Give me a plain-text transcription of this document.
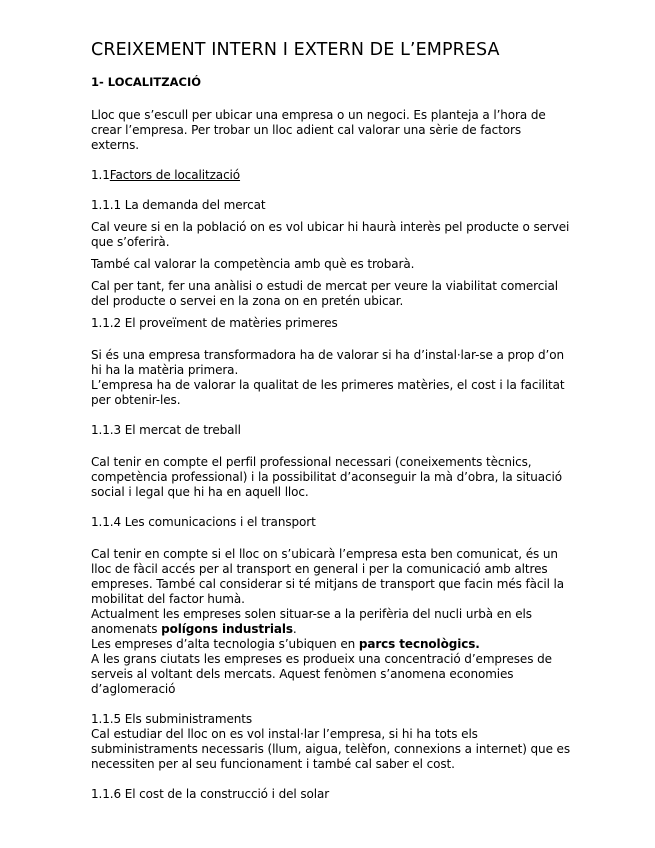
CREIXEMENT INTERN I EXTERN DE L’EMPRESA
1- LOCALITZACIÓ

Lloc que s’escull per ubicar una empresa o un negoci. Es planteja a l’hora de crear l’empresa. Per trobar un lloc adient cal valorar una sèrie de factors externs.

1.1Factors de localització

1.1.1 La demanda del mercat

Cal veure si en la població on es vol ubicar hi haurà interès pel producte o servei que s’oferirà.

També cal valorar la competència amb què es trobarà.

Cal per tant, fer una anàlisi o estudi de mercat per veure la viabilitat comercial del producte o servei en la zona on en pretén ubicar.

1.1.2 El proveïment de matèries primeres

Si és una empresa transformadora ha de valorar si ha d’instal·lar-se a prop d’on hi ha la matèria primera.

L’empresa ha de valorar la qualitat de les primeres matèries, el cost i la facilitat per obtenir-les.

1.1.3 El mercat de treball

Cal tenir en compte el perfil professional necessari (coneixements tècnics, competència professional) i la possibilitat d’aconseguir la mà d’obra, la situació social i legal que hi ha en aquell lloc.

1.1.4 Les comunicacions i el transport

Cal tenir en compte si el lloc on s’ubicarà l’empresa esta ben comunicat, és un lloc de fàcil accés per al transport en general i per la comunicació amb altres empreses. També cal considerar si té mitjans de transport que facin més fàcil la mobilitat del factor humà.

Actualment les empreses solen situar-se a la perifèria del nucli urbà en els anomenats polígons industrials.

Les empreses d’alta tecnologia s’ubiquen en parcs tecnològics.

A les grans ciutats les empreses es produeix una concentració d’empreses de serveis al voltant dels mercats. Aquest fenòmen s’anomena economies d’aglomeració

1.1.5 Els subministraments

Cal estudiar del lloc on es vol instal·lar l’empresa, si hi ha tots els subministraments necessaris (llum, aigua, telèfon, connexions a internet) que es necessiten per al seu funcionament i també cal saber el cost.

1.1.6 El cost de la construcció i del solar
